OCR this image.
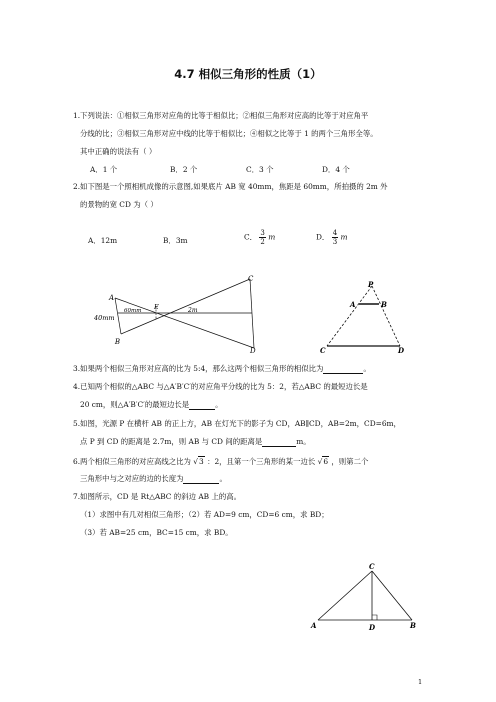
4.7 相似三角形的性质（1）
1.下列说法：①相似三角形对应角的比等于相似比；②相似三角形对应高的比等于对应角平
分线的比；③相似三角形对应中线的比等于相似比；④相似之比等于 1 的两个三角形全等。
其中正确的说法有（ ）
A．1 个	B．2 个	C．3 个	D．4 个
2.如下图是一个照相机成像的示意图,如果底片 AB 宽 40mm，焦距是 60mm，所拍摄的 2m 外
的景物的宽 CD 为（ ）
A．12m	B．3m	C． $\frac{3}{2}$ m	D． $\frac{4}{3}$ m
A
B
C
D
E
60mm	2m
40mm
P
A	B
C	D
3.如果两个相似三角形对应高的比为 5:4，那么这两个相似三角形的相似比为	。
4.已知两个相似的△ABC 与△A′B′C′的对应角平分线的比为 5：2，若△ABC 的最短边长是
20 cm，则△A′B′C′的最短边长是	。
5.如图，光源 P 在横杆 AB 的正上方，AB 在灯光下的影子为 CD，AB∥CD，AB=2m，CD=6m，
点 P 到 CD 的距离是 2.7m，则 AB 与 CD 间的距离是	m。
6.两个相似三角形的对应高线之比为 √3 ：2，且第一个三角形的某一边长 √6 ，则第二个
三角形中与之对应的边的长度为	。
7.如图所示，CD 是 Rt△ABC 的斜边 AB 上的高。
（1）求图中有几对相似三角形；（2）若 AD=9 cm，CD=6 cm，求 BD；
（3）若 AB=25 cm，BC=15 cm，求 BD。
C
A	D	B
1
